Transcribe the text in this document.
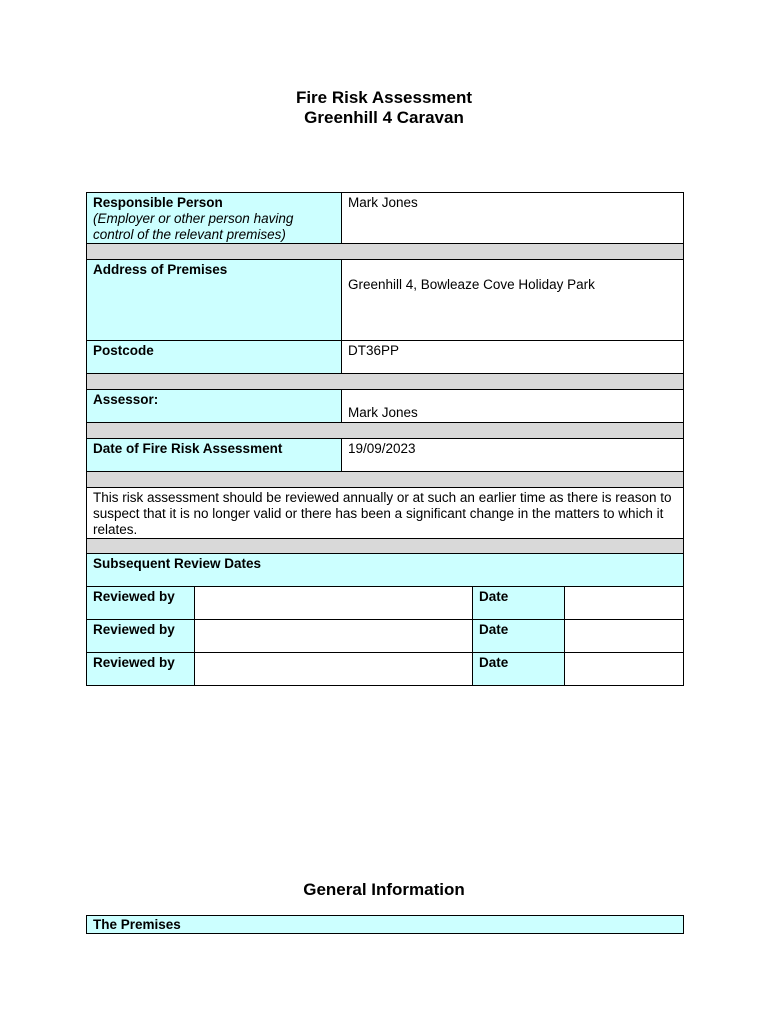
Fire Risk Assessment
Greenhill 4 Caravan
Responsible Person
(Employer or other person having control of the relevant premises)	Mark Jones

Address of Premises	Greenhill 4, Bowleaze Cove Holiday Park
Postcode	DT36PP

Assessor:	Mark Jones

Date of Fire Risk Assessment	19/09/2023

This risk assessment should be reviewed annually or at such an earlier time as there is reason to suspect that it is no longer valid or there has been a significant change in the matters to which it relates.	

Subsequent Review Dates			
Reviewed by		Date	
Reviewed by		Date	
Reviewed by		Date	
General Information
The Premises
